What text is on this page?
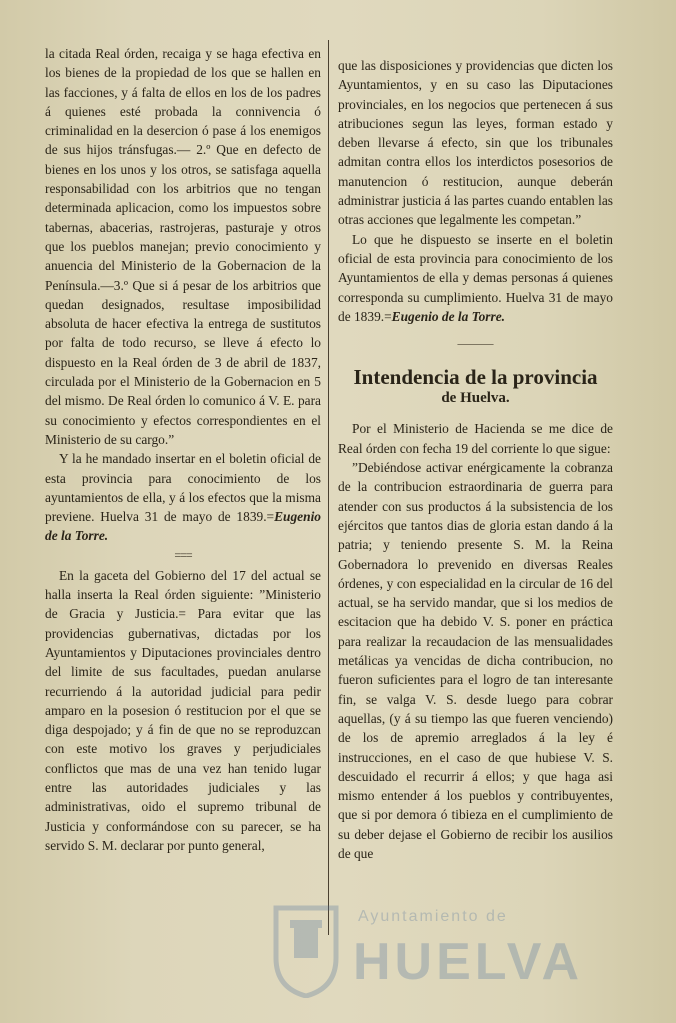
la citada Real órden, recaiga y se haga efectiva en los bienes de la propiedad de los que se hallen en las facciones, y á falta de ellos en los de los padres á quienes esté probada la connivencia ó criminalidad en la desercion ó pase á los enemigos de sus hijos tránsfugas.— 2.º Que en defecto de bienes en los unos y los otros, se satisfaga aquella responsabilidad con los arbitrios que no tengan determinada aplicacion, como los impuestos sobre tabernas, abacerias, rastrojeras, pasturaje y otros que los pueblos manejan; previo conocimiento y anuencia del Ministerio de la Gobernacion de la Península.—3.º Que si á pesar de los arbitrios que quedan designados, resultase imposibilidad absoluta de hacer efectiva la entrega de sustitutos por falta de todo recurso, se lleve á efecto lo dispuesto en la Real órden de 3 de abril de 1837, circulada por el Ministerio de la Gobernacion en 5 del mismo. De Real órden lo comunico á V. E. para su conocimiento y efectos correspondientes en el Ministerio de su cargo.”

Y la he mandado insertar en el boletin oficial de esta provincia para conocimiento de los ayuntamientos de ella, y á los efectos que la misma previene. Huelva 31 de mayo de 1839.=Eugenio de la Torre.

===

En la gaceta del Gobierno del 17 del actual se halla inserta la Real órden siguiente: ”Ministerio de Gracia y Justicia.= Para evitar que las providencias gubernativas, dictadas por los Ayuntamientos y Diputaciones provinciales dentro del limite de sus facultades, puedan anularse recurriendo á la autoridad judicial para pedir amparo en la posesion ó restitucion por el que se diga despojado; y á fin de que no se reproduzcan con este motivo los graves y perjudiciales conflictos que mas de una vez han tenido lugar entre las autoridades judiciales y las administrativas, oido el supremo tribunal de Justicia y conformándose con su parecer, se ha servido S. M. declarar por punto general,

que las disposiciones y providencias que dicten los Ayuntamientos, y en su caso las Diputaciones provinciales, en los negocios que pertenecen á sus atribuciones segun las leyes, forman estado y deben llevarse á efecto, sin que los tribunales admitan contra ellos los interdictos posesorios de manutencion ó restitucion, aunque deberán administrar justicia á las partes cuando entablen las otras acciones que legalmente les competan.”

Lo que he dispuesto se inserte en el boletin oficial de esta provincia para conocimiento de los Ayuntamientos de ella y demas personas á quienes corresponda su cumplimiento. Huelva 31 de mayo de 1839.=Eugenio de la Torre.

———
Intendencia de la provincia
de Huelva.

Por el Ministerio de Hacienda se me dice de Real órden con fecha 19 del corriente lo que sigue:

”Debiéndose activar enérgicamente la cobranza de la contribucion estraordinaria de guerra para atender con sus productos á la subsistencia de los ejércitos que tantos dias de gloria estan dando á la patria; y teniendo presente S. M. la Reina Gobernadora lo prevenido en diversas Reales órdenes, y con especialidad en la circular de 16 del actual, se ha servido mandar, que si los medios de escitacion que ha debido V. S. poner en práctica para realizar la recaudacion de las mensualidades metálicas ya vencidas de dicha contribucion, no fueron suficientes para el logro de tan interesante fin, se valga V. S. desde luego para cobrar aquellas, (y á su tiempo las que fueren venciendo) de los de apremio arreglados á la ley é instrucciones, en el caso de que hubiese V. S. descuidado el recurrir á ellos; y que haga asi mismo entender á los pueblos y contribuyentes, que si por demora ó tibieza en el cumplimiento de su deber dejase el Gobierno de recibir los ausilios de que

Ayuntamiento de
HUELVA
